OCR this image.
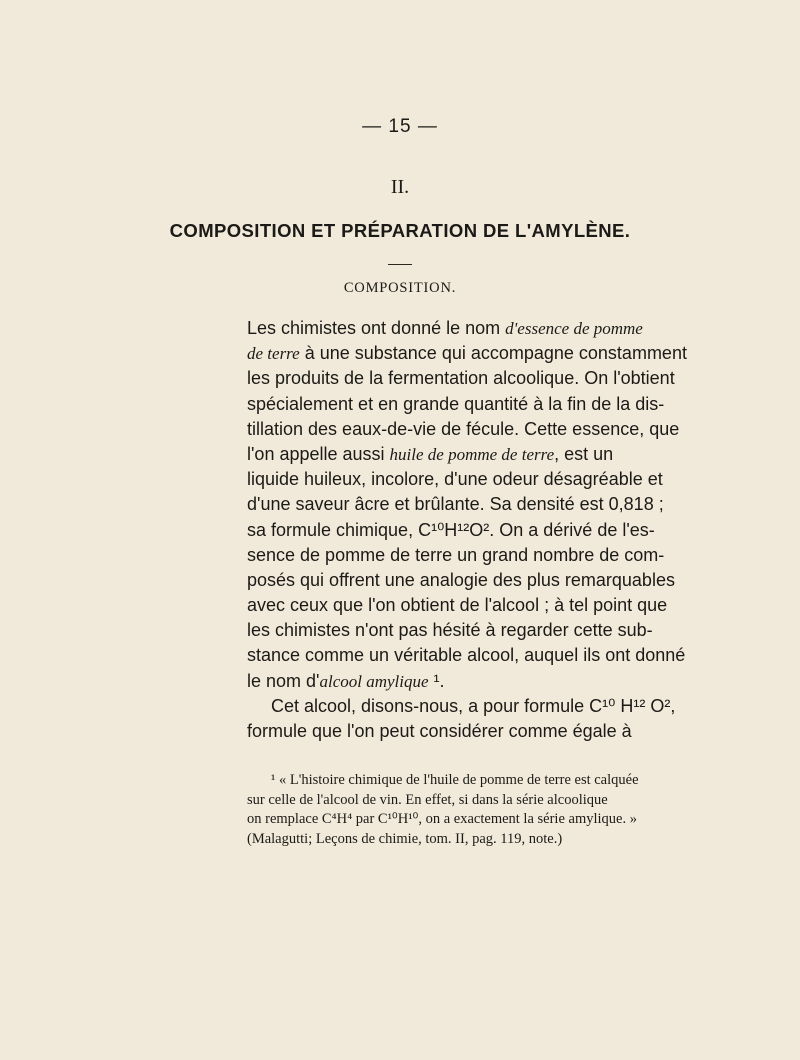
— 15 —
II.
COMPOSITION ET PRÉPARATION DE L'AMYLÈNE.
COMPOSITION.
Les chimistes ont donné le nom d'essence de pomme
de terre à une substance qui accompagne constamment
les produits de la fermentation alcoolique. On l'obtient
spécialement et en grande quantité à la fin de la dis-
tillation des eaux-de-vie de fécule. Cette essence, que
l'on appelle aussi huile de pomme de terre, est un
liquide huileux, incolore, d'une odeur désagréable et
d'une saveur âcre et brûlante. Sa densité est 0,818 ;
sa formule chimique, C¹⁰H¹²O². On a dérivé de l'es-
sence de pomme de terre un grand nombre de com-
posés qui offrent une analogie des plus remarquables
avec ceux que l'on obtient de l'alcool ; à tel point que
les chimistes n'ont pas hésité à regarder cette sub-
stance comme un véritable alcool, auquel ils ont donné
le nom d'alcool amylique ¹.
Cet alcool, disons-nous, a pour formule C¹⁰ H¹² O²,
formule que l'on peut considérer comme égale à
¹ « L'histoire chimique de l'huile de pomme de terre est calquée
sur celle de l'alcool de vin. En effet, si dans la série alcoolique
on remplace C⁴H⁴ par C¹⁰H¹⁰, on a exactement la série amylique. »
(Malagutti; Leçons de chimie, tom. II, pag. 119, note.)
